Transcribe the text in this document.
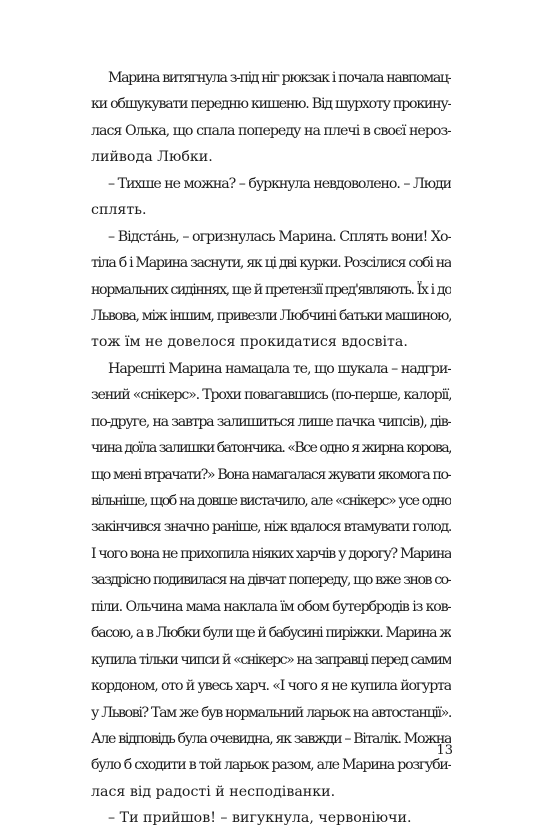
Марина витягнула з-під ніг рюкзак і почала навпомац-
ки обшукувати передню кишеню. Від шурхоту прокину-
лася Олька, що спала попереду на плечі в своєї нероз-
лийвода Любки.
– Тихше не можна? – буркнула невдоволено. – Люди
сплять.
– Відста́нь, – огризнулась Марина. Сплять вони! Хо-
тіла б і Марина заснути, як ці дві курки. Розсілися собі на
нормальних сидіннях, ще й претензії пред'являють. Їх і до
Львова, між іншим, привезли Любчині батьки машиною,
тож їм не довелося прокидатися вдосвіта.
Нарешті Марина намацала те, що шукала – надгри-
зений «снікерс». Трохи повагавшись (по-перше, калорії,
по-друге, на завтра залишиться лише пачка чипсів), дів-
чина доїла залишки батончика. «Все одно я жирна корова,
що мені втрачати?» Вона намагалася жувати якомога по-
вільніше, щоб на довше вистачило, але «снікерс» усе одно
закінчився значно раніше, ніж вдалося втамувати голод.
І чого вона не прихопила ніяких харчів у дорогу? Марина
заздрісно подивилася на дівчат попереду, що вже знов со-
піли. Ольчина мама наклала їм обом бутербродів із ков-
басою, а в Любки були ще й бабусині пиріжки. Марина ж
купила тільки чипси й «снікерс» на заправці перед самим
кордоном, ото й увесь харч. «І чого я не купила йогурта
у Львові? Там же був нормальний ларьок на автостанції».
Але відповідь була очевидна, як завжди – Віталік. Можна
було б сходити в той ларьок разом, але Марина розгуби-
лася від радості й несподіванки.
– Ти прийшов! – вигукнула, червоніючи.
13
